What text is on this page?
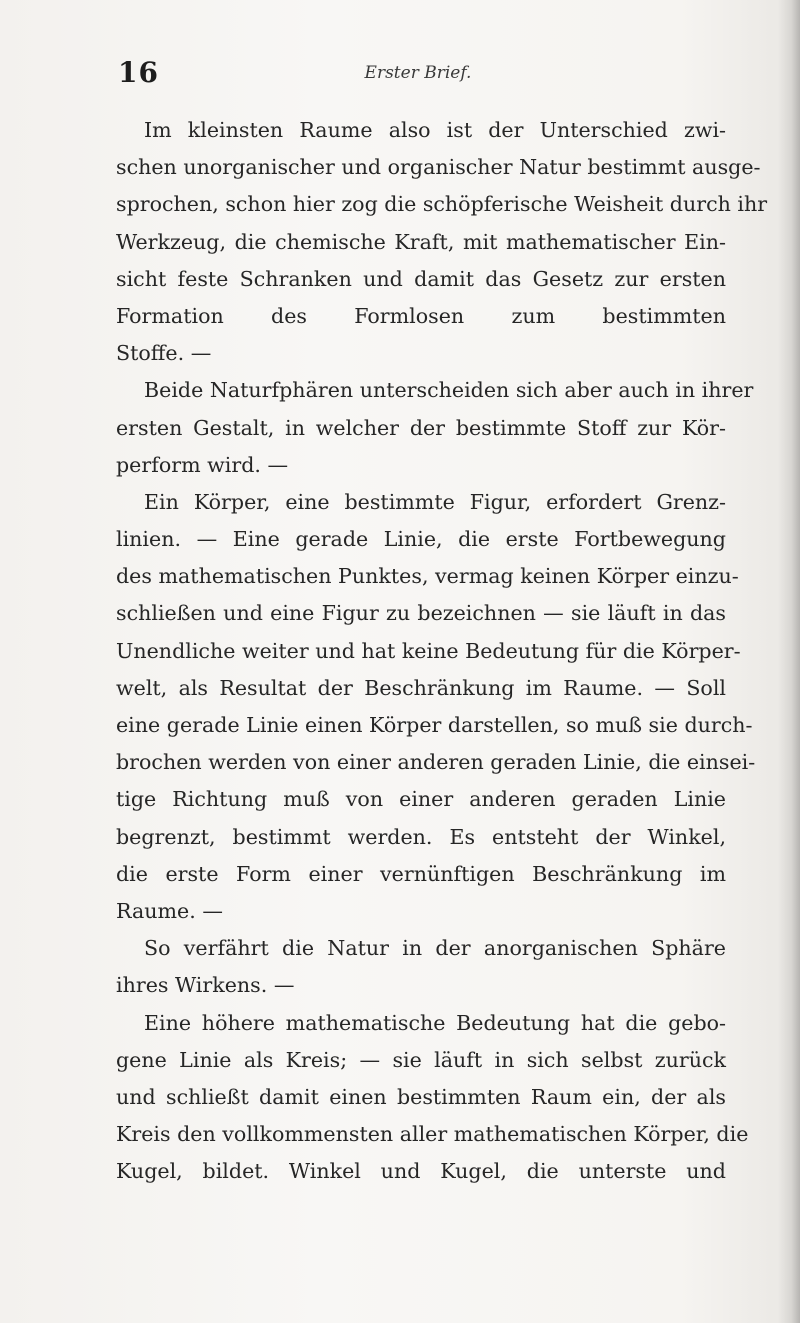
16	Erster Brief.

Im kleinsten Raume also ist der Unterschied zwi-
schen unorganischer und organischer Natur bestimmt ausge-
sprochen, schon hier zog die schöpferische Weisheit durch ihr
Werkzeug, die chemische Kraft, mit mathematischer Ein-
sicht feste Schranken und damit das Gesetz zur ersten
Formation des Formlosen zum bestimmten
Stoffe. —

Beide Naturfphären unterscheiden sich aber auch in ihrer
ersten Gestalt, in welcher der bestimmte Stoff zur Kör-
perform wird. —

Ein Körper, eine bestimmte Figur, erfordert Grenz-
linien. — Eine gerade Linie, die erste Fortbewegung
des mathematischen Punktes, vermag keinen Körper einzu-
schließen und eine Figur zu bezeichnen — sie läuft in das
Unendliche weiter und hat keine Bedeutung für die Körper-
welt, als Resultat der Beschränkung im Raume. — Soll
eine gerade Linie einen Körper darstellen, so muß sie durch-
brochen werden von einer anderen geraden Linie, die einsei-
tige Richtung muß von einer anderen geraden Linie
begrenzt, bestimmt werden. Es entsteht der Winkel,
die erste Form einer vernünftigen Beschränkung im
Raume. —

So verfährt die Natur in der anorganischen Sphäre
ihres Wirkens. —

Eine höhere mathematische Bedeutung hat die gebo-
gene Linie als Kreis; — sie läuft in sich selbst zurück
und schließt damit einen bestimmten Raum ein, der als
Kreis den vollkommensten aller mathematischen Körper, die
Kugel, bildet. Winkel und Kugel, die unterste und
